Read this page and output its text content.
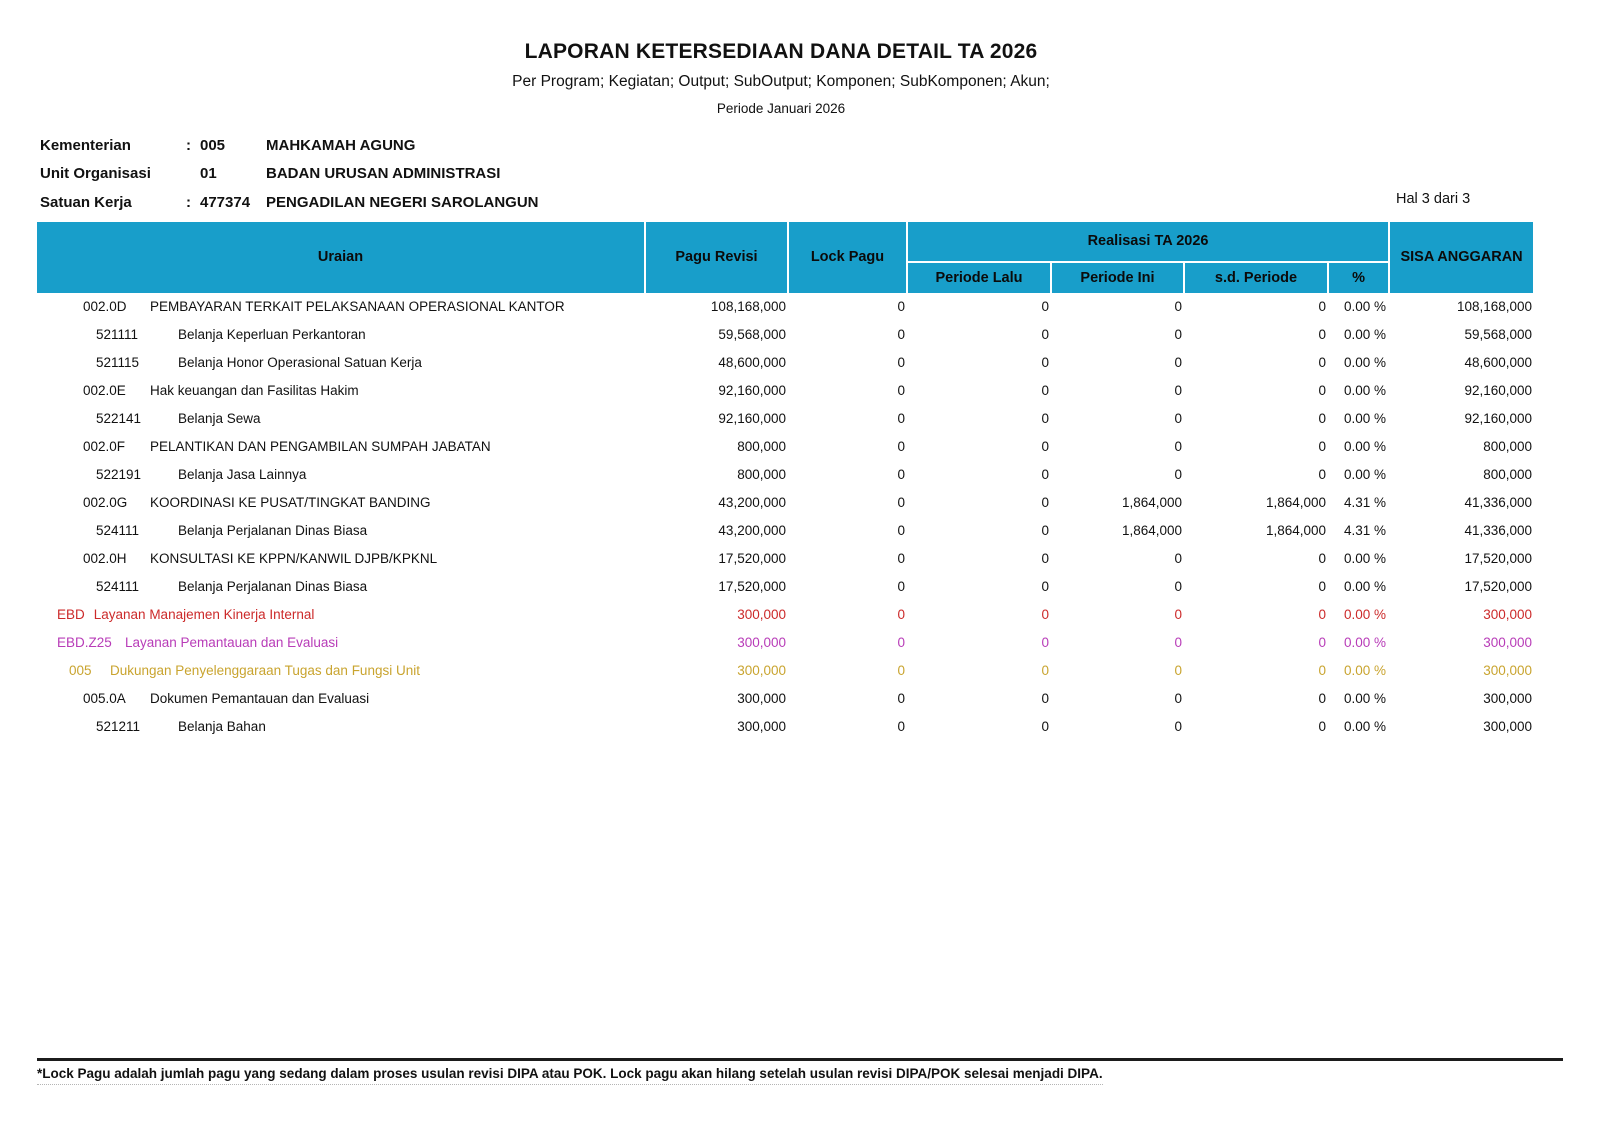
LAPORAN KETERSEDIAAN DANA DETAIL TA 2026
Per Program; Kegiatan; Output; SubOutput; Komponen; SubKomponen; Akun;
Periode Januari 2026
Kementerian	: 005	MAHKAMAH AGUNG
Unit Organisasi	01	BADAN URUSAN ADMINISTRASI
Satuan Kerja	: 477374	PENGADILAN NEGERI SAROLANGUN	Hal 3 dari 3
Uraian	Pagu Revisi	Lock Pagu	Realisasi TA 2026				SISA ANGGARAN
			Periode Lalu	Periode Ini	s.d. Periode	%	
002.0D PEMBAYARAN TERKAIT PELAKSANAAN OPERASIONAL KANTOR	108,168,000	0	0	0	0	0.00 %	108,168,000
521111 Belanja Keperluan Perkantoran	59,568,000	0	0	0	0	0.00 %	59,568,000
521115 Belanja Honor Operasional Satuan Kerja	48,600,000	0	0	0	0	0.00 %	48,600,000
002.0E Hak keuangan dan Fasilitas Hakim	92,160,000	0	0	0	0	0.00 %	92,160,000
522141 Belanja Sewa	92,160,000	0	0	0	0	0.00 %	92,160,000
002.0F PELANTIKAN DAN PENGAMBILAN SUMPAH JABATAN	800,000	0	0	0	0	0.00 %	800,000
522191 Belanja Jasa Lainnya	800,000	0	0	0	0	0.00 %	800,000
002.0G KOORDINASI KE PUSAT/TINGKAT BANDING	43,200,000	0	0	1,864,000	1,864,000	4.31 %	41,336,000
524111 Belanja Perjalanan Dinas Biasa	43,200,000	0	0	1,864,000	1,864,000	4.31 %	41,336,000
002.0H KONSULTASI KE KPPN/KANWIL DJPB/KPKNL	17,520,000	0	0	0	0	0.00 %	17,520,000
524111 Belanja Perjalanan Dinas Biasa	17,520,000	0	0	0	0	0.00 %	17,520,000
EBD Layanan Manajemen Kinerja Internal	300,000	0	0	0	0	0.00 %	300,000
EBD.Z25 Layanan Pemantauan dan Evaluasi	300,000	0	0	0	0	0.00 %	300,000
005 Dukungan Penyelenggaraan Tugas dan Fungsi Unit	300,000	0	0	0	0	0.00 %	300,000
005.0A Dokumen Pemantauan dan Evaluasi	300,000	0	0	0	0	0.00 %	300,000
521211 Belanja Bahan	300,000	0	0	0	0	0.00 %	300,000
*Lock Pagu adalah jumlah pagu yang sedang dalam proses usulan revisi DIPA atau POK. Lock pagu akan hilang setelah usulan revisi DIPA/POK selesai menjadi DIPA.
